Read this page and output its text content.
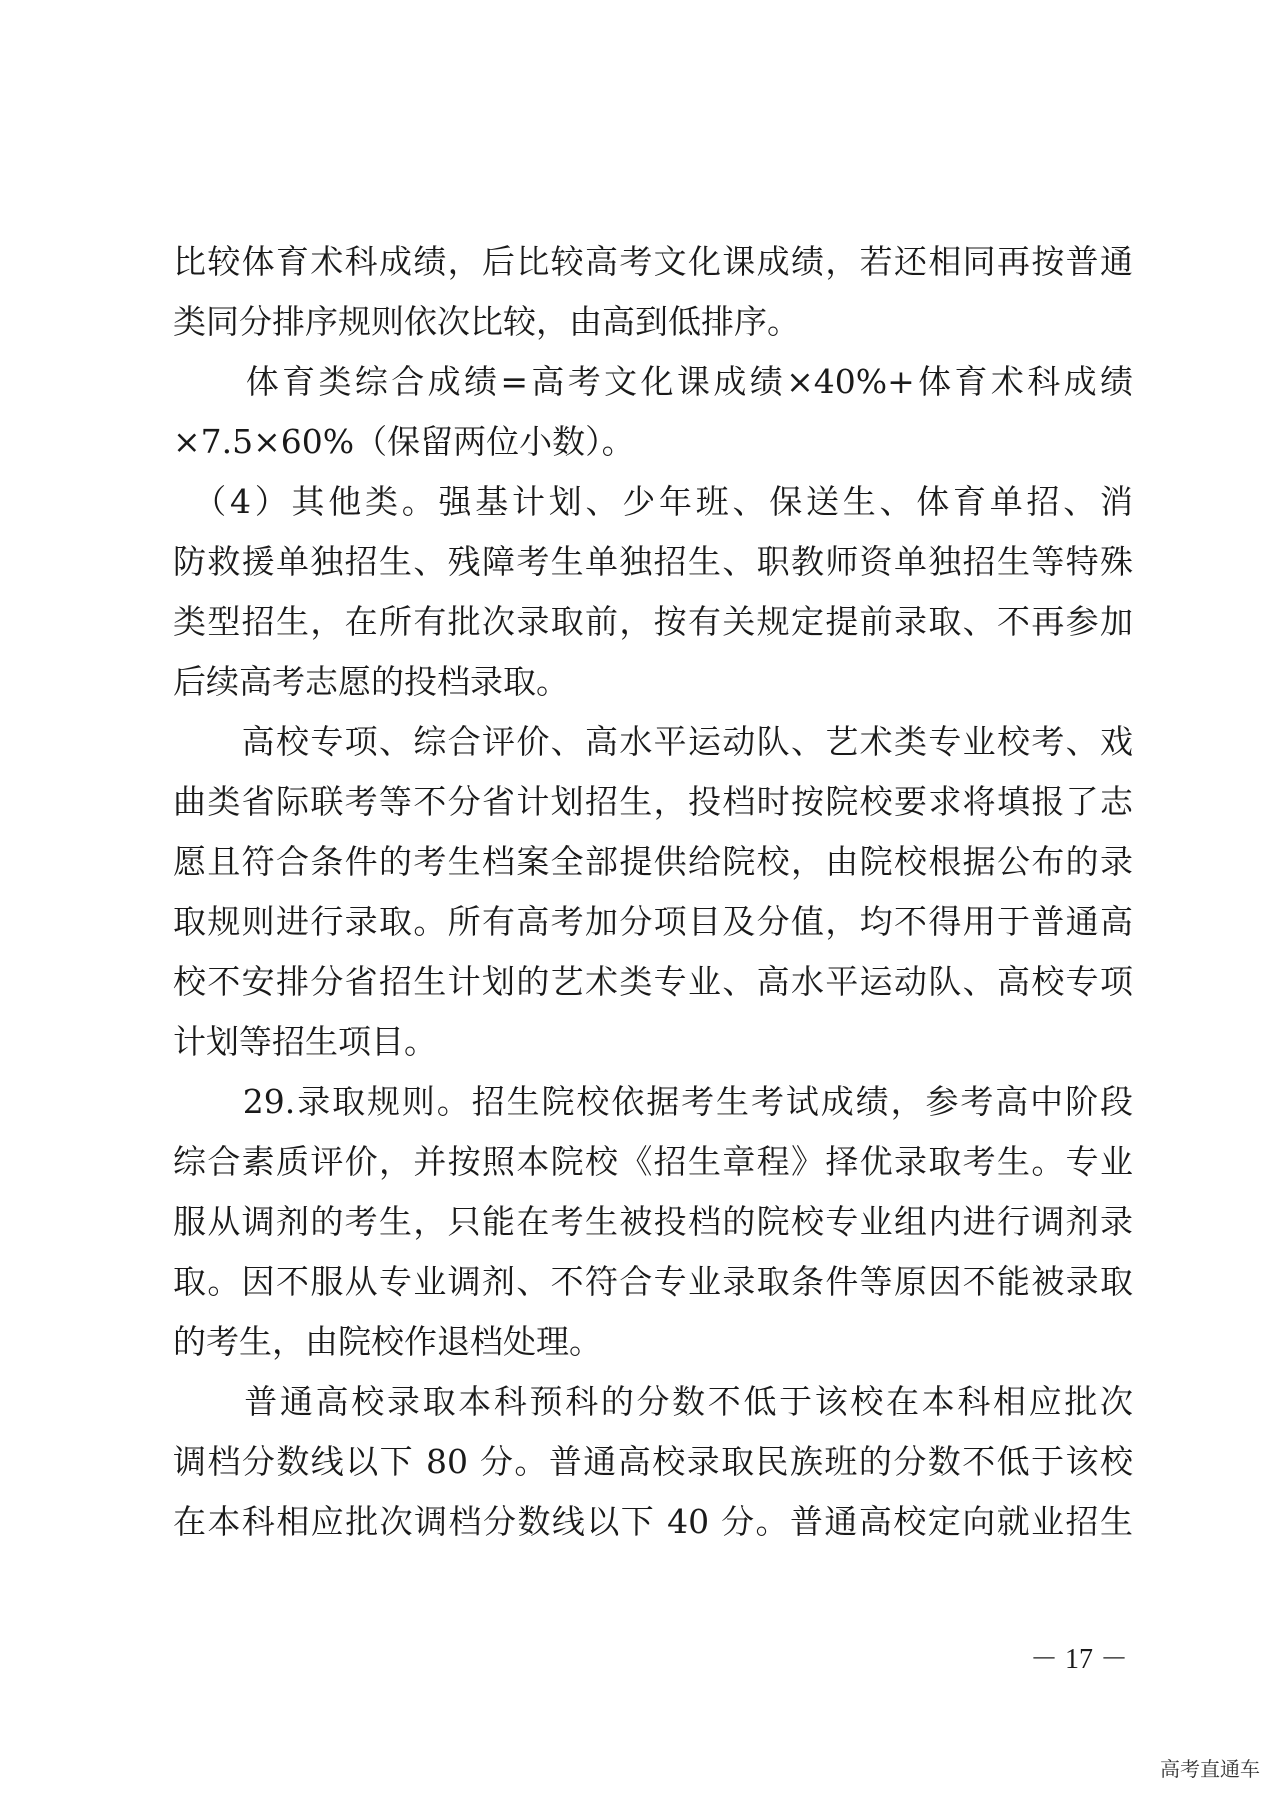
比较体育术科成绩，后比较高考文化课成绩，若还相同再按普通
类同分排序规则依次比较，由高到低排序。
　　体育类综合成绩=高考文化课成绩×40%+体育术科成绩
×7.5×60%（保留两位小数）。
　（4）其他类。强基计划、少年班、保送生、体育单招、消
防救援单独招生、残障考生单独招生、职教师资单独招生等特殊
类型招生，在所有批次录取前，按有关规定提前录取、不再参加
后续高考志愿的投档录取。
　　高校专项、综合评价、高水平运动队、艺术类专业校考、戏
曲类省际联考等不分省计划招生，投档时按院校要求将填报了志
愿且符合条件的考生档案全部提供给院校，由院校根据公布的录
取规则进行录取。所有高考加分项目及分值，均不得用于普通高
校不安排分省招生计划的艺术类专业、高水平运动队、高校专项
计划等招生项目。
　　29.录取规则。招生院校依据考生考试成绩，参考高中阶段
综合素质评价，并按照本院校《招生章程》择优录取考生。专业
服从调剂的考生，只能在考生被投档的院校专业组内进行调剂录
取。因不服从专业调剂、不符合专业录取条件等原因不能被录取
的考生，由院校作退档处理。
　　普通高校录取本科预科的分数不低于该校在本科相应批次
调档分数线以下 80 分。普通高校录取民族班的分数不低于该校
在本科相应批次调档分数线以下 40 分。普通高校定向就业招生
－ 17 －
高考直通车
